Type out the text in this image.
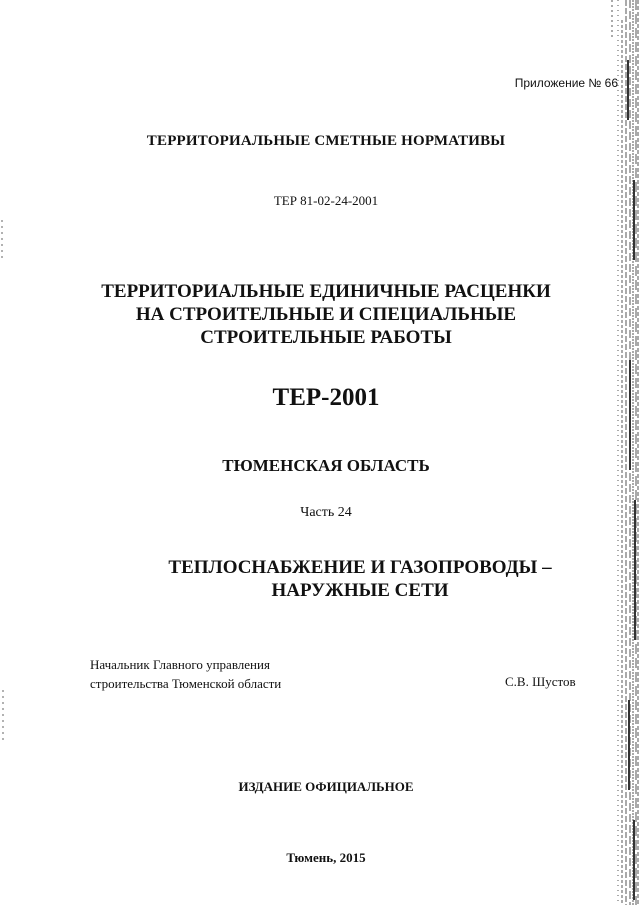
Приложение № 66
ТЕРРИТОРИАЛЬНЫЕ СМЕТНЫЕ НОРМАТИВЫ
ТЕР 81-02-24-2001
ТЕРРИТОРИАЛЬНЫЕ ЕДИНИЧНЫЕ РАСЦЕНКИ
НА СТРОИТЕЛЬНЫЕ И СПЕЦИАЛЬНЫЕ
СТРОИТЕЛЬНЫЕ РАБОТЫ
ТЕР-2001
ТЮМЕНСКАЯ ОБЛАСТЬ
Часть 24
ТЕПЛОСНАБЖЕНИЕ И ГАЗОПРОВОДЫ –
НАРУЖНЫЕ СЕТИ
Начальник Главного управления
строительства Тюменской области	С.В. Шустов
ИЗДАНИЕ ОФИЦИАЛЬНОЕ
Тюмень, 2015
